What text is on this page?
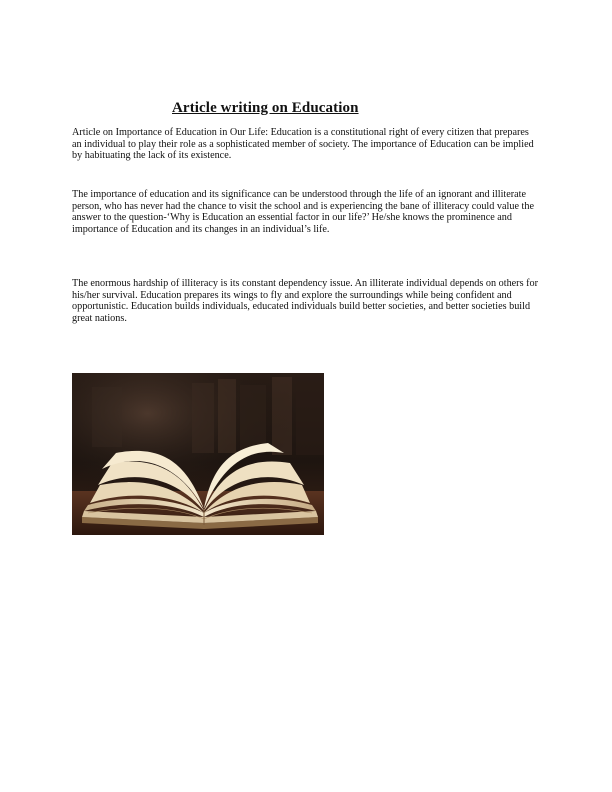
Article writing on Education

Article on Importance of Education in Our Life: Education is a constitutional right of every citizen that prepares an individual to play their role as a sophisticated member of society. The importance of Education can be implied by habituating the lack of its existence.

The importance of education and its significance can be understood through the life of an ignorant and illiterate person, who has never had the chance to visit the school and is experiencing the bane of illiteracy could value the answer to the question-‘Why is Education an essential factor in our life?’ He/she knows the prominence and importance of Education and its changes in an individual’s life.

The enormous hardship of illiteracy is its constant dependency issue. An illiterate individual depends on others for his/her survival. Education prepares its wings to fly and explore the surroundings while being confident and opportunistic. Education builds individuals, educated individuals build better societies, and better societies build great nations.
